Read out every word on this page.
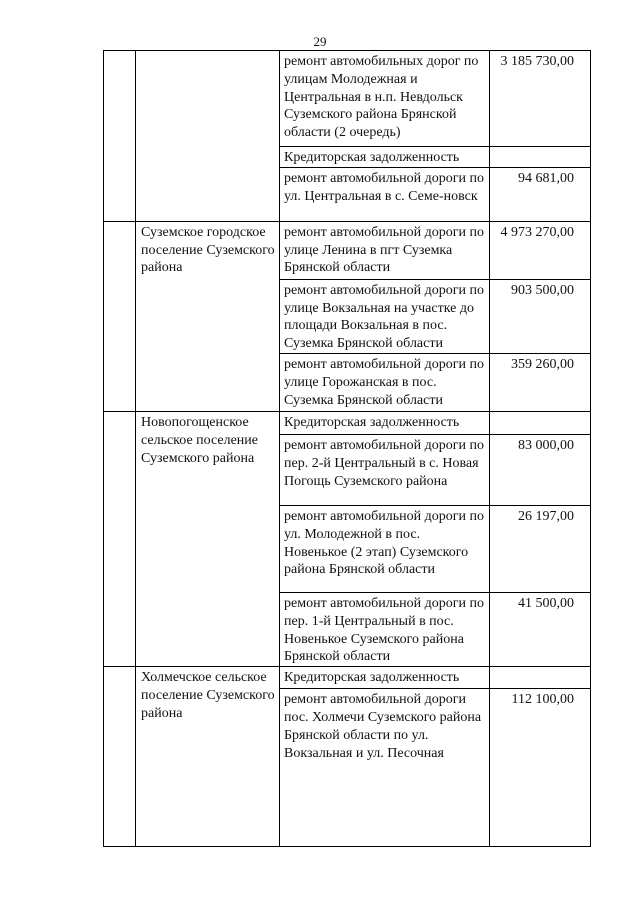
29
		ремонт автомобильных дорог по улицам Молодежная и Центральная в н.п. Невдольск Суземского района Брянской области (2 очередь)	3 185 730,00
		Кредиторская задолженность	
		ремонт автомобильной дороги по ул. Центральная в с. Семе-новск	94 681,00
	Суземское городское поселение Суземского района	ремонт автомобильной дороги по улице Ленина в пгт Суземка Брянской области	4 973 270,00
		ремонт автомобильной дороги по улице Вокзальная на участке до площади Вокзальная в пос. Суземка Брянской области	903 500,00
		ремонт автомобильной дороги по улице Горожанская в пос. Суземка Брянской области	359 260,00
	Новопогощенское сельское поселение Суземского района	Кредиторская задолженность	
		ремонт автомобильной дороги по пер. 2-й Центральный в с. Новая Погощь Суземского района	83 000,00
		ремонт автомобильной дороги по ул. Молодежной в пос. Новенькое (2 этап) Суземского района Брянской области	26 197,00
		ремонт автомобильной дороги по пер. 1-й Центральный в пос. Новенькое Суземского района Брянской области	41 500,00
	Холмечское сельское поселение Суземского района	Кредиторская задолженность	
		ремонт автомобильной дороги пос. Холмечи Суземского района Брянской области по ул. Вокзальная и ул. Песочная	112 100,00
